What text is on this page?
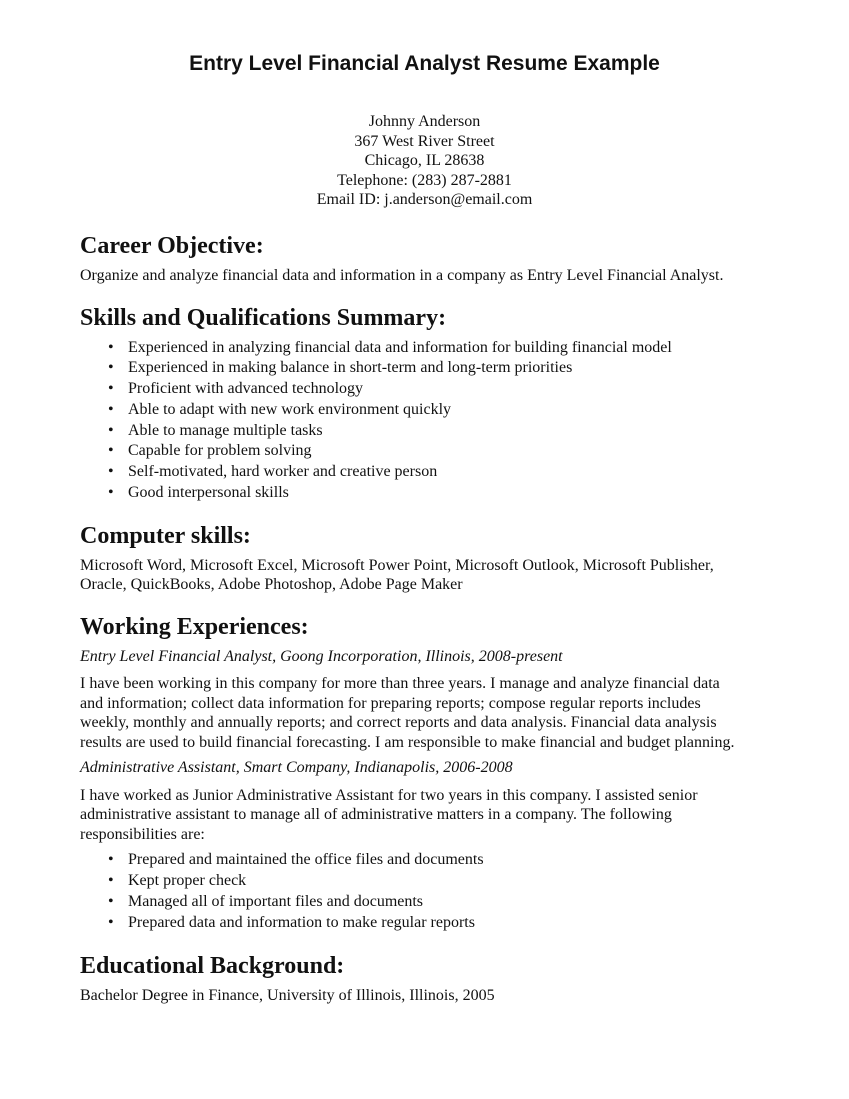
Entry Level Financial Analyst Resume Example
Johnny Anderson
367 West River Street
Chicago, IL 28638
Telephone: (283) 287-2881
Email ID: j.anderson@email.com
Career Objective:

Organize and analyze financial data and information in a company as Entry Level Financial Analyst.

Skills and Qualifications Summary:
• Experienced in analyzing financial data and information for building financial model
• Experienced in making balance in short-term and long-term priorities
• Proficient with advanced technology
• Able to adapt with new work environment quickly
• Able to manage multiple tasks
• Capable for problem solving
• Self-motivated, hard worker and creative person
• Good interpersonal skills
Computer skills:

Microsoft Word, Microsoft Excel, Microsoft Power Point, Microsoft Outlook, Microsoft Publisher,

Oracle, QuickBooks, Adobe Photoshop, Adobe Page Maker

Working Experiences:

Entry Level Financial Analyst, Goong Incorporation, Illinois, 2008-present

I have been working in this company for more than three years. I manage and analyze financial data

and information; collect data information for preparing reports; compose regular reports includes

weekly, monthly and annually reports; and correct reports and data analysis. Financial data analysis

results are used to build financial forecasting. I am responsible to make financial and budget planning.

Administrative Assistant, Smart Company, Indianapolis, 2006-2008

I have worked as Junior Administrative Assistant for two years in this company. I assisted senior

administrative assistant to manage all of administrative matters in a company. The following

responsibilities are:

• Prepared and maintained the office files and documents
• Kept proper check
• Managed all of important files and documents
• Prepared data and information to make regular reports
Educational Background:

Bachelor Degree in Finance, University of Illinois, Illinois, 2005
